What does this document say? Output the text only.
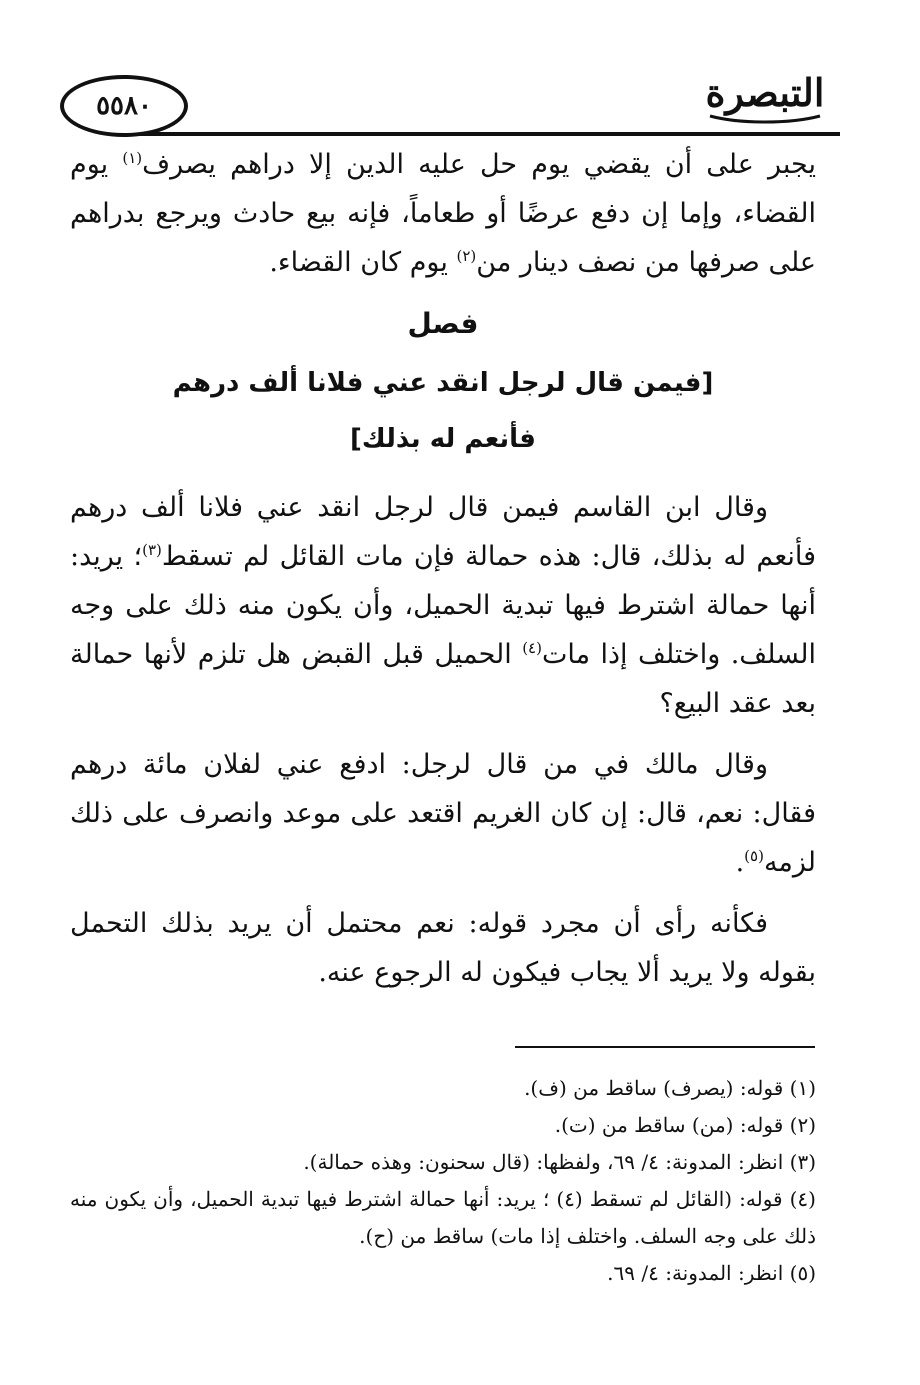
٥٥٨٠	التبصرة

يجبر على أن يقضي يوم حل عليه الدين إلا دراهم يصرف$^{(١)}$ يوم القضاء، وإما إن دفع عرضًا أو طعاماً، فإنه بيع حادث ويرجع بدراهم على صرفها من نصف دينار من$^{(٢)}$ يوم كان القضاء.

فصل
[فيمن قال لرجل انقد عني فلانا ألف درهم
فأنعم له بذلك]

وقال ابن القاسم فيمن قال لرجل انقد عني فلانا ألف درهم فأنعم له بذلك، قال: هذه حمالة فإن مات القائل لم تسقط$^{(٣)}$؛ يريد: أنها حمالة اشترط فيها تبدية الحميل، وأن يكون منه ذلك على وجه السلف. واختلف إذا مات$^{(٤)}$ الحميل قبل القبض هل تلزم لأنها حمالة بعد عقد البيع؟

وقال مالك في من قال لرجل: ادفع عني لفلان مائة درهم فقال: نعم، قال: إن كان الغريم اقتعد على موعد وانصرف على ذلك لزمه$^{(٥)}$.

فكأنه رأى أن مجرد قوله: نعم محتمل أن يريد بذلك التحمل بقوله ولا يريد ألا يجاب فيكون له الرجوع عنه.

(١) قوله: (يصرف) ساقط من (ف).

(٢) قوله: (من) ساقط من (ت).

(٣) انظر: المدونة: ٤/ ٦٩، ولفظها: (قال سحنون: وهذه حمالة).

(٤) قوله: (القائل لم تسقط (٤) ؛ يريد: أنها حمالة اشترط فيها تبدية الحميل، وأن يكون منه ذلك على وجه السلف. واختلف إذا مات) ساقط من (ح).

(٥) انظر: المدونة: ٤/ ٦٩.
